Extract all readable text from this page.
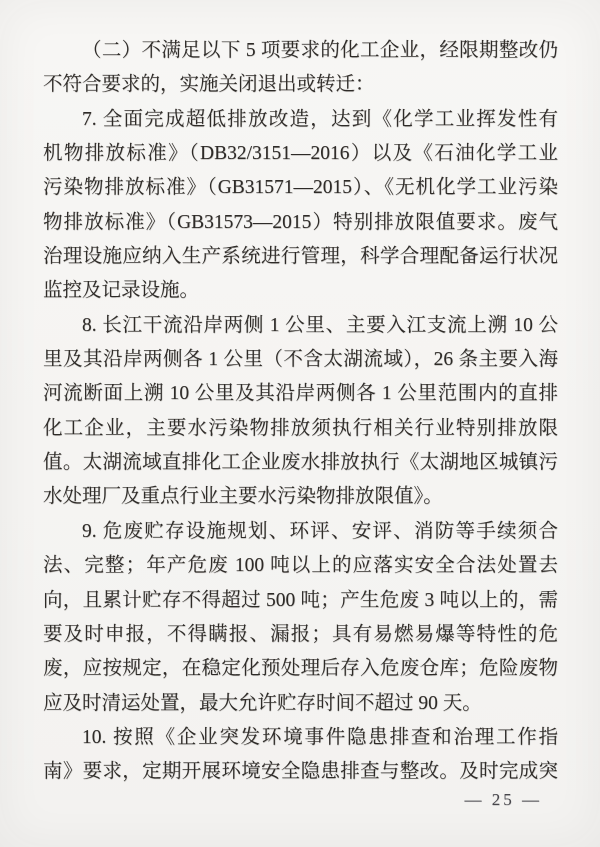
（二）不满足以下 5 项要求的化工企业，经限期整改仍
不符合要求的，实施关闭退出或转迁：
7. 全面完成超低排放改造，达到《化学工业挥发性有
机物排放标准》（DB32/3151—2016）以及《石油化学工业
污染物排放标准》（GB31571—2015）、《无机化学工业污染
物排放标准》（GB31573—2015）特别排放限值要求。废气
治理设施应纳入生产系统进行管理，科学合理配备运行状况
监控及记录设施。
8. 长江干流沿岸两侧 1 公里、主要入江支流上溯 10 公
里及其沿岸两侧各 1 公里（不含太湖流域），26 条主要入海
河流断面上溯 10 公里及其沿岸两侧各 1 公里范围内的直排
化工企业，主要水污染物排放须执行相关行业特别排放限
值。太湖流域直排化工企业废水排放执行《太湖地区城镇污
水处理厂及重点行业主要水污染物排放限值》。
9. 危废贮存设施规划、环评、安评、消防等手续须合
法、完整；年产危废 100 吨以上的应落实安全合法处置去
向，且累计贮存不得超过 500 吨；产生危废 3 吨以上的，需
要及时申报，不得瞒报、漏报；具有易燃易爆等特性的危
废，应按规定，在稳定化预处理后存入危废仓库；危险废物
应及时清运处置，最大允许贮存时间不超过 90 天。
10. 按照《企业突发环境事件隐患排查和治理工作指
南》要求，定期开展环境安全隐患排查与整改。及时完成突
— 25 —
